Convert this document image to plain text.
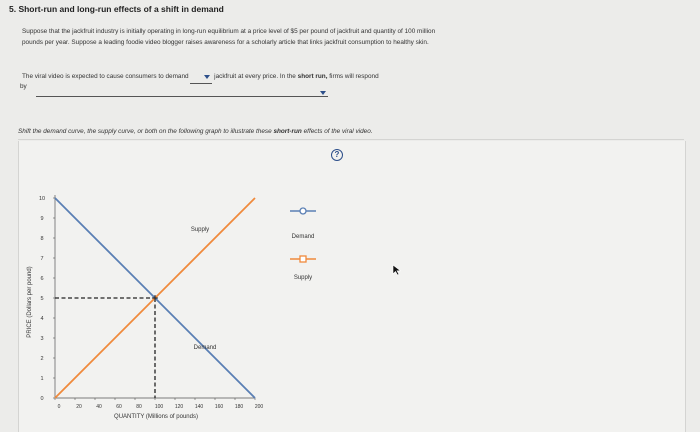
5. Short-run and long-run effects of a shift in demand
Suppose that the jackfruit industry is initially operating in long-run equilibrium at a price level of $5 per pound of jackfruit and quantity of 100 million
pounds per year. Suppose a leading foodie video blogger raises awareness for a scholarly article that links jackfruit consumption to healthy skin.
The viral video is expected to cause consumers to demand	jackfruit at every price. In the short run, firms will respond
by
Shift the demand curve, the supply curve, or both on the following graph to illustrate these short-run effects of the viral video.
?
PRICE (Dollars per pound)
QUANTITY (Millions of pounds)
0
1
2
3
4
5
6
7
8
9
10
0	20	40	60	80	100 120 140 160 180 200
Supply
Demand
Demand
Supply
